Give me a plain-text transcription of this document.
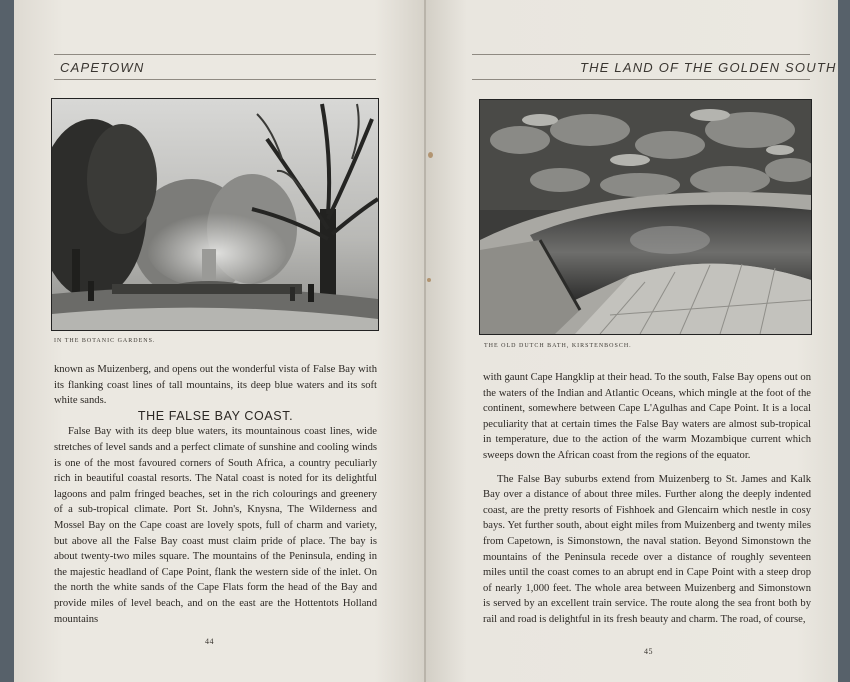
CAPETOWN
IN THE BOTANIC GARDENS.

known as Muizenberg, and opens out the wonderful vista of False Bay with its flanking coast lines of tall mountains, its deep blue waters and its soft white sands.

THE FALSE BAY COAST.

False Bay with its deep blue waters, its mountainous coast lines, wide stretches of level sands and a perfect climate of sunshine and cooling winds is one of the most favoured corners of South Africa, a country peculiarly rich in beautiful coastal resorts. The Natal coast is noted for its delightful lagoons and palm fringed beaches, set in the rich colourings and greenery of a sub-tropical climate. Port St. John's, Knysna, The Wilderness and Mossel Bay on the Cape coast are lovely spots, full of charm and variety, but above all the False Bay coast must claim pride of place. The bay is about twenty-two miles square. The mountains of the Peninsula, ending in the majestic headland of Cape Point, flank the western side of the inlet. On the north the white sands of the Cape Flats form the head of the Bay and provide miles of level beach, and on the east are the Hottentots Holland mountains

44
THE LAND OF THE GOLDEN SOUTH
THE OLD DUTCH BATH, KIRSTENBOSCH.

with gaunt Cape Hangklip at their head. To the south, False Bay opens out on the waters of the Indian and Atlantic Oceans, which mingle at the foot of the continent, somewhere between Cape L'Agulhas and Cape Point. It is a local peculiarity that at certain times the False Bay waters are almost sub-tropical in temperature, due to the action of the warm Mozambique current which sweeps down the African coast from the regions of the equator.

The False Bay suburbs extend from Muizenberg to St. James and Kalk Bay over a distance of about three miles. Further along the deeply indented coast, are the pretty resorts of Fishhoek and Glencairn which nestle in cosy bays. Yet further south, about eight miles from Muizenberg and twenty miles from Capetown, is Simonstown, the naval station. Beyond Simonstown the mountains of the Peninsula recede over a distance of roughly seventeen miles until the coast comes to an abrupt end in Cape Point with a steep drop of nearly 1,000 feet. The whole area between Muizenberg and Simonstown is served by an excellent train service. The route along the sea front both by rail and road is delightful in its fresh beauty and charm. The road, of course,

45
